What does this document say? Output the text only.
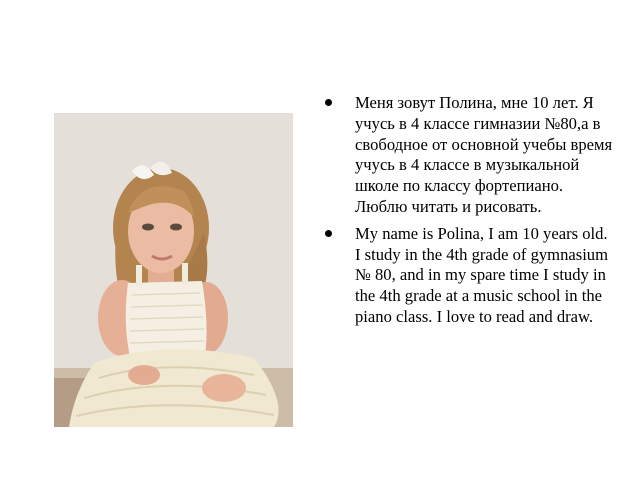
Меня зовут Полина, мне 10 лет. Я учусь в 4 классе гимназии №80,а в свободное от основной учебы время учусь в 4 классе в музыкальной школе по классу фортепиано. Люблю читать и рисовать.
My name is Polina, I am 10 years old. I study in the 4th grade of gymnasium № 80, and in my spare time I study in the 4th grade at a music school in the piano class. I love to read and draw.
